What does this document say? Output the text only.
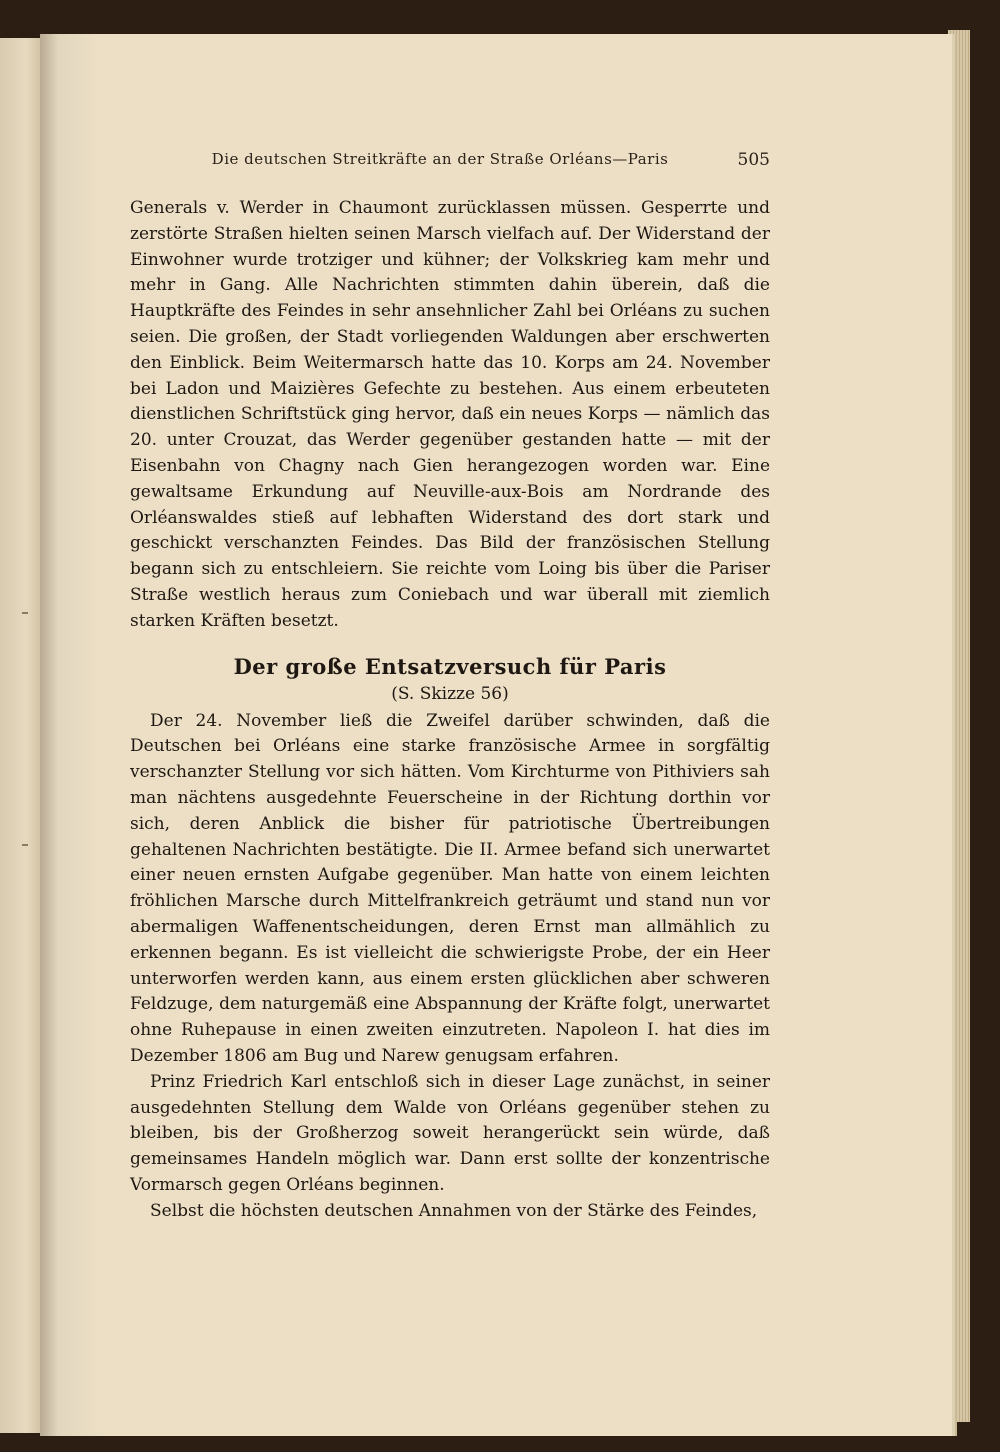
Die deutschen Streitkräfte an der Straße Orléans—Paris	505

Generals v. Werder in Chaumont zurücklassen müssen. Gesperrte und zerstörte Straßen hielten seinen Marsch vielfach auf. Der Widerstand der Einwohner wurde trotziger und kühner; der Volkskrieg kam mehr und mehr in Gang. Alle Nachrichten stimmten dahin überein, daß die Hauptkräfte des Feindes in sehr ansehnlicher Zahl bei Orléans zu suchen seien. Die großen, der Stadt vorliegenden Waldungen aber erschwerten den Einblick. Beim Weitermarsch hatte das 10. Korps am 24. November bei Ladon und Maizières Gefechte zu bestehen. Aus einem erbeuteten dienstlichen Schriftstück ging hervor, daß ein neues Korps — nämlich das 20. unter Crouzat, das Werder gegenüber gestanden hatte — mit der Eisenbahn von Chagny nach Gien herangezogen worden war. Eine gewaltsame Erkundung auf Neuville-aux-Bois am Nordrande des Orléanswaldes stieß auf lebhaften Widerstand des dort stark und geschickt verschanzten Feindes. Das Bild der französischen Stellung begann sich zu entschleiern. Sie reichte vom Loing bis über die Pariser Straße westlich heraus zum Coniebach und war überall mit ziemlich starken Kräften besetzt.

Der große Entsatzversuch für Paris
(S. Skizze 56)

Der 24. November ließ die Zweifel darüber schwinden, daß die Deutschen bei Orléans eine starke französische Armee in sorgfältig verschanzter Stellung vor sich hätten. Vom Kirchturme von Pithiviers sah man nächtens ausgedehnte Feuerscheine in der Richtung dorthin vor sich, deren Anblick die bisher für patriotische Übertreibungen gehaltenen Nachrichten bestätigte. Die II. Armee befand sich unerwartet einer neuen ernsten Aufgabe gegenüber. Man hatte von einem leichten fröhlichen Marsche durch Mittelfrankreich geträumt und stand nun vor abermaligen Waffenentscheidungen, deren Ernst man allmählich zu erkennen begann. Es ist vielleicht die schwierigste Probe, der ein Heer unterworfen werden kann, aus einem ersten glücklichen aber schweren Feldzuge, dem naturgemäß eine Abspannung der Kräfte folgt, unerwartet ohne Ruhepause in einen zweiten einzutreten. Napoleon I. hat dies im Dezember 1806 am Bug und Narew genugsam erfahren.

Prinz Friedrich Karl entschloß sich in dieser Lage zunächst, in seiner ausgedehnten Stellung dem Walde von Orléans gegenüber stehen zu bleiben, bis der Großherzog soweit herangerückt sein würde, daß gemeinsames Handeln möglich war. Dann erst sollte der konzentrische Vormarsch gegen Orléans beginnen.

Selbst die höchsten deutschen Annahmen von der Stärke des Feindes,
